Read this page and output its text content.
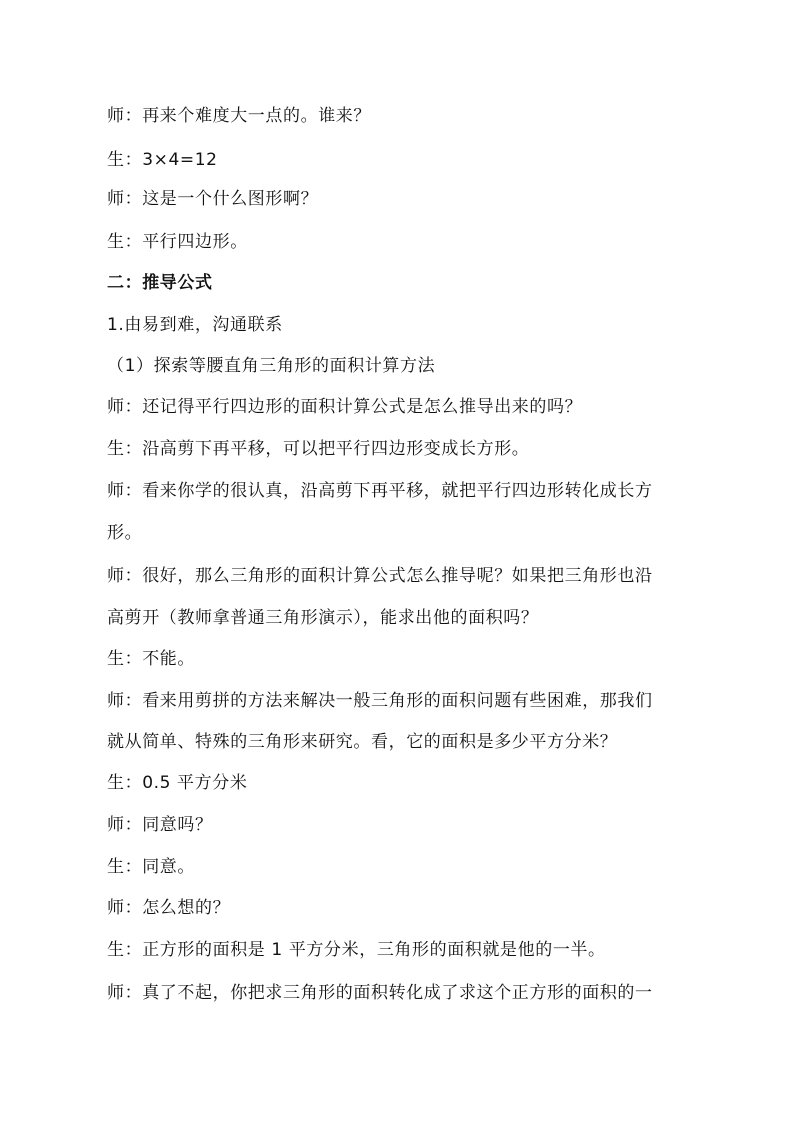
师：再来个难度大一点的。谁来？
生：3×4=12
师：这是一个什么图形啊？
生：平行四边形。
二：推导公式
1.由易到难，沟通联系
（1）探索等腰直角三角形的面积计算方法
师：还记得平行四边形的面积计算公式是怎么推导出来的吗？
生：沿高剪下再平移，可以把平行四边形变成长方形。
师：看来你学的很认真，沿高剪下再平移，就把平行四边形转化成长方
形。
师：很好，那么三角形的面积计算公式怎么推导呢？如果把三角形也沿
高剪开（教师拿普通三角形演示），能求出他的面积吗？
生：不能。
师：看来用剪拼的方法来解决一般三角形的面积问题有些困难，那我们
就从简单、特殊的三角形来研究。看，它的面积是多少平方分米？
生：0.5 平方分米
师：同意吗？
生：同意。
师：怎么想的？
生：正方形的面积是 1 平方分米，三角形的面积就是他的一半。
师：真了不起，你把求三角形的面积转化成了求这个正方形的面积的一
